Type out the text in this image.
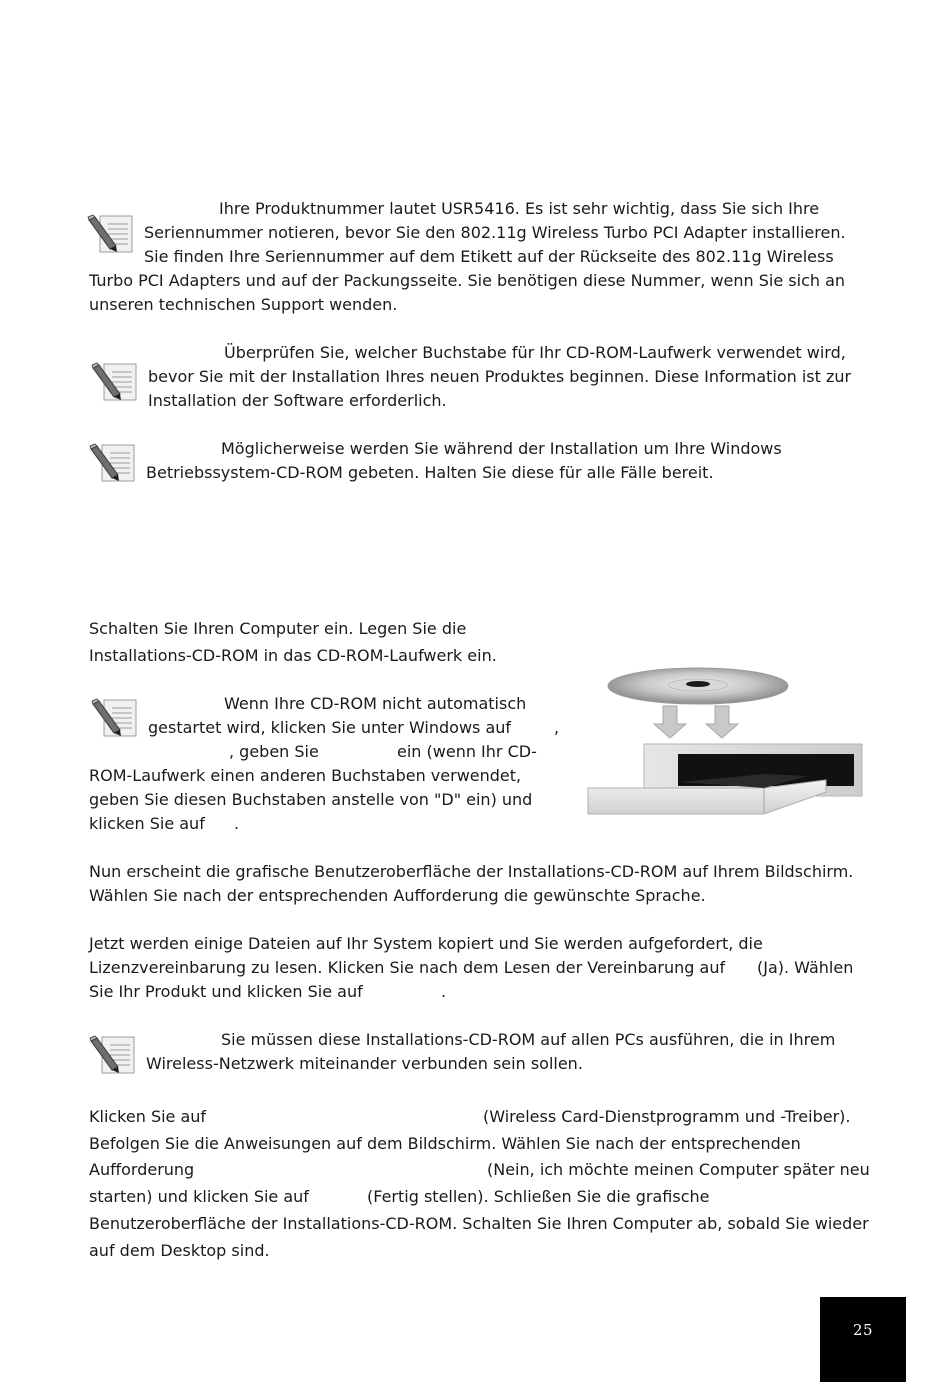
Ihre Produktnummer lautet USR5416. Es ist sehr wichtig, dass Sie sich Ihre
Seriennummer notieren, bevor Sie den 802.11g Wireless Turbo PCI Adapter installieren.
Sie finden Ihre Seriennummer auf dem Etikett auf der Rückseite des 802.11g Wireless
Turbo PCI Adapters und auf der Packungsseite. Sie benötigen diese Nummer, wenn Sie sich an
unseren technischen Support wenden.
Überprüfen Sie, welcher Buchstabe für Ihr CD-ROM-Laufwerk verwendet wird,
bevor Sie mit der Installation Ihres neuen Produktes beginnen. Diese Information ist zur
Installation der Software erforderlich.
Möglicherweise werden Sie während der Installation um Ihre Windows
Betriebssystem-CD-ROM gebeten. Halten Sie diese für alle Fälle bereit.
Schalten Sie Ihren Computer ein. Legen Sie die
Installations-CD-ROM in das CD-ROM-Laufwerk ein.
Wenn Ihre CD-ROM nicht automatisch
gestartet wird, klicken Sie unter Windows auf	,
, geben Sie	ein (wenn Ihr CD-
ROM-Laufwerk einen anderen Buchstaben verwendet,
geben Sie diesen Buchstaben anstelle von "D" ein) und
klicken Sie auf .
Nun erscheint die grafische Benutzeroberfläche der Installations-CD-ROM auf Ihrem Bildschirm.
Wählen Sie nach der entsprechenden Aufforderung die gewünschte Sprache.
Jetzt werden einige Dateien auf Ihr System kopiert und Sie werden aufgefordert, die
Lizenzvereinbarung zu lesen. Klicken Sie nach dem Lesen der Vereinbarung auf (Ja). Wählen
Sie Ihr Produkt und klicken Sie auf	.
Sie müssen diese Installations-CD-ROM auf allen PCs ausführen, die in Ihrem
Wireless-Netzwerk miteinander verbunden sein sollen.
Klicken Sie auf	(Wireless Card-Dienstprogramm und -Treiber).
Befolgen Sie die Anweisungen auf dem Bildschirm. Wählen Sie nach der entsprechenden
Aufforderung	(Nein, ich möchte meinen Computer später neu
starten) und klicken Sie auf	(Fertig stellen). Schließen Sie die grafische
Benutzeroberfläche der Installations-CD-ROM. Schalten Sie Ihren Computer ab, sobald Sie wieder
auf dem Desktop sind.
25
